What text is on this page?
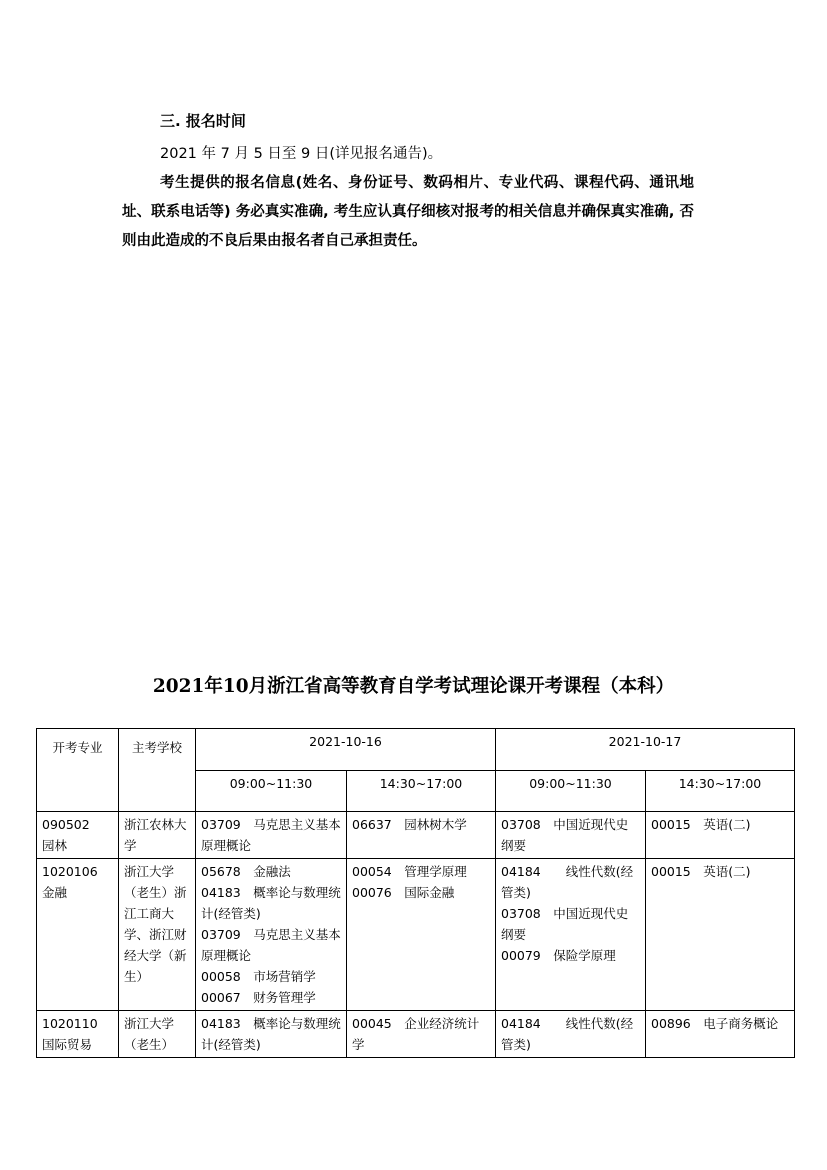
三. 报名时间
2021 年 7 月 5 日至 9 日(详见报名通告)。
考生提供的报名信息(姓名、身份证号、数码相片、专业代码、课程代码、通讯地址、联系电话等) 务必真实准确, 考生应认真仔细核对报考的相关信息并确保真实准确, 否则由此造成的不良后果由报名者自己承担责任。
2021年10月浙江省高等教育自学考试理论课开考课程（本科）
开考专业	主考学校	2021-10-16		2021-10-17	
		09:00~11:30	14:30~17:00	09:00~11:30	14:30~17:00

090502
园林	浙江农林大学	03709　马克思主义基本原理概论	06637　园林树木学	03708　中国近现代史纲要	00015　英语(二)

1020106
金融	浙江大学（老生）浙江工商大学、浙江财经大学（新生）	05678　金融法
04183　概率论与数理统计(经管类)
03709　马克思主义基本原理概论
00058　市场营销学
00067　财务管理学	00054　管理学原理
00076　国际金融	04184　　线性代数(经管类)
03708　中国近现代史纲要
00079　保险学原理	00015　英语(二)

1020110
国际贸易	浙江大学（老生）	04183　概率论与数理统计(经管类)	00045　企业经济统计学	04184　　线性代数(经管类)	00896　电子商务概论
